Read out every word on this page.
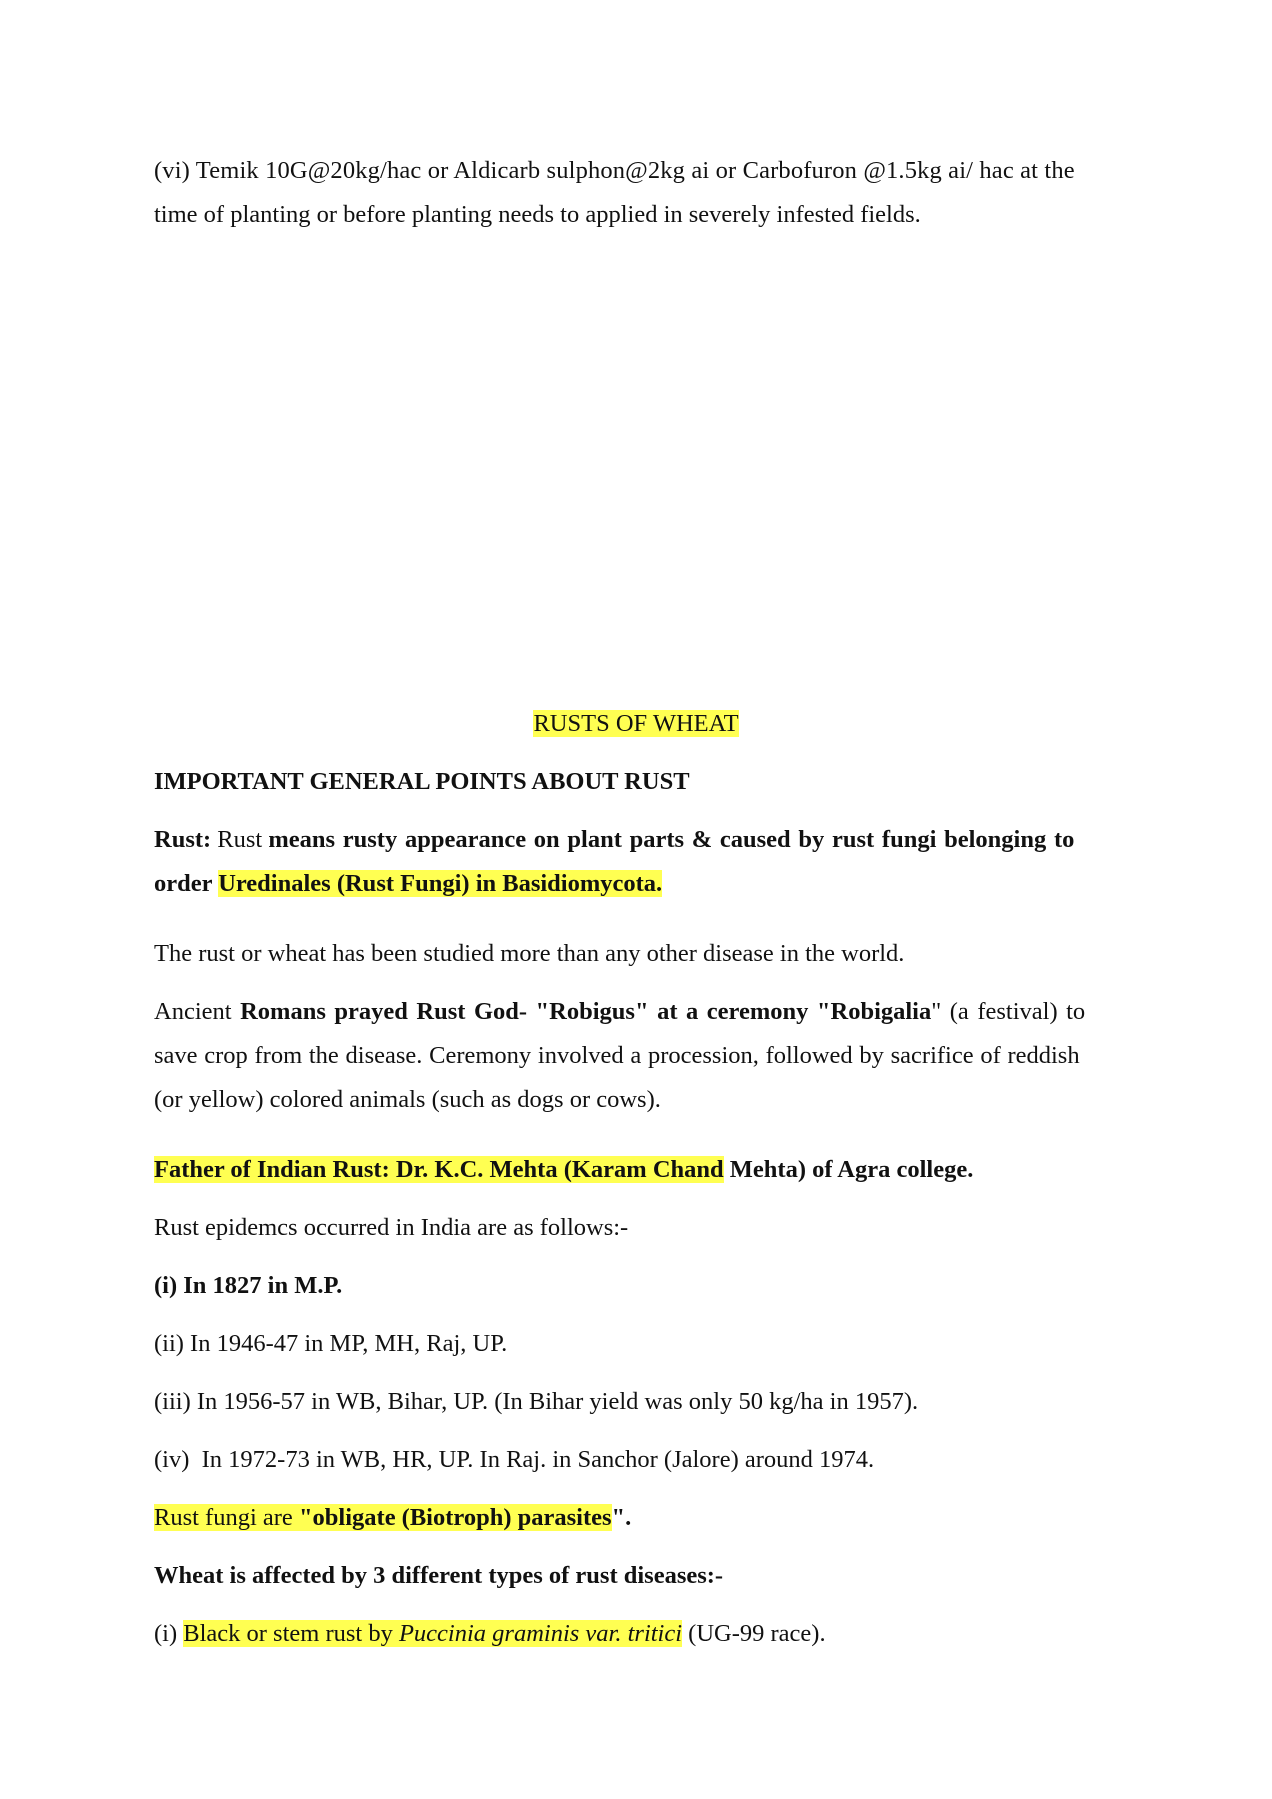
(vi) Temik 10G@20kg/hac or Aldicarb sulphon@2kg ai or Carbofuron @1.5kg ai/ hac at the
time of planting or before planting needs to applied in severely infested fields.
RUSTS OF WHEAT
IMPORTANT GENERAL POINTS ABOUT RUST
Rust: Rust means rusty appearance on plant parts & caused by rust fungi belonging to
order Uredinales (Rust Fungi) in Basidiomycota.
The rust or wheat has been studied more than any other disease in the world.
Ancient Romans prayed Rust God- "Robigus" at a ceremony "Robigalia" (a festival) to
save crop from the disease. Ceremony involved a procession, followed by sacrifice of reddish
(or yellow) colored animals (such as dogs or cows).
Father of Indian Rust: Dr. K.C. Mehta (Karam Chand Mehta) of Agra college.
Rust epidemcs occurred in India are as follows:-
(i) In 1827 in M.P.
(ii) In 1946-47 in MP, MH, Raj, UP.
(iii) In 1956-57 in WB, Bihar, UP. (In Bihar yield was only 50 kg/ha in 1957).
(iv)  In 1972-73 in WB, HR, UP. In Raj. in Sanchor (Jalore) around 1974.
Rust fungi are "obligate (Biotroph) parasites".
Wheat is affected by 3 different types of rust diseases:-
(i) Black or stem rust by Puccinia graminis var. tritici (UG-99 race).
